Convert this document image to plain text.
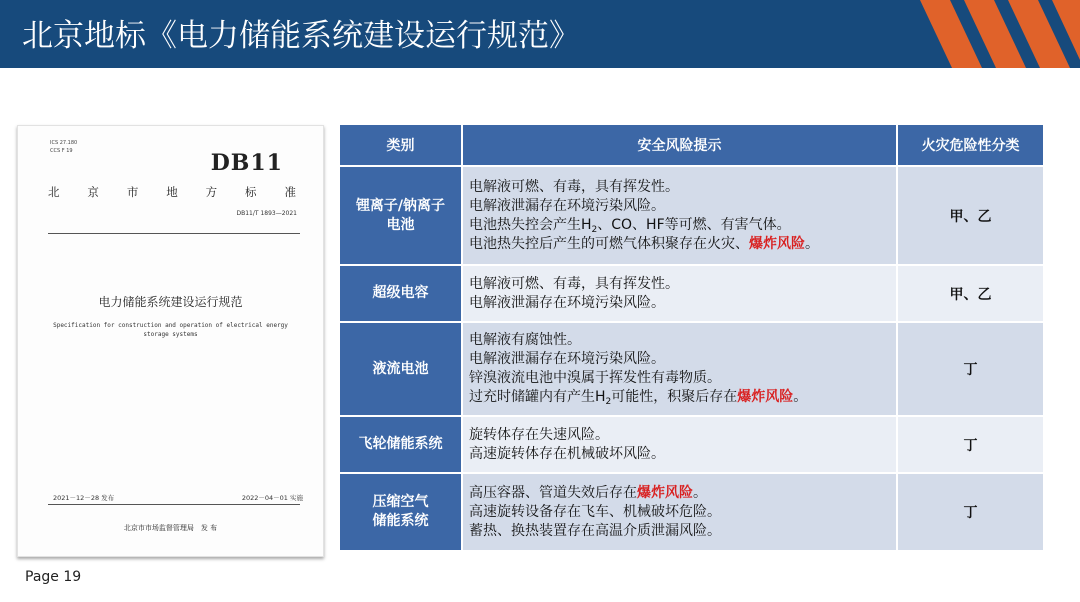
北京地标《电力储能系统建设运行规范》
ICS 27.180
CCS F 19	DB11
北 京 市 地 方 标 准
DB11/T 1893—2021
电力储能系统建设运行规范
Specification for construction and operation of electrical energy
storage systems
2021－12－28 发布	2022－04－01 实施
北京市市场监督管理局　发 布
类别	安全风险提示	火灾危险性分类

锂离子/钠离子
电池	电解液可燃、有毒，具有挥发性。
电解液泄漏存在环境污染风险。
电池热失控会产生$H_2$、CO、HF等可燃、有害气体。
电池热失控后产生的可燃气体积聚存在火灾、爆炸风险。	甲、乙

超级电容	电解液可燃、有毒，具有挥发性。
电解液泄漏存在环境污染风险。	甲、乙

液流电池	电解液有腐蚀性。
电解液泄漏存在环境污染风险。
锌溴液流电池中溴属于挥发性有毒物质。
过充时储罐内有产生$H_2$可能性，积聚后存在爆炸风险。	丁

飞轮储能系统	旋转体存在失速风险。
高速旋转体存在机械破坏风险。	丁

压缩空气
储能系统	高压容器、管道失效后存在爆炸风险。
高速旋转设备存在飞车、机械破坏危险。
蓄热、换热装置存在高温介质泄漏风险。	丁
Page 19
